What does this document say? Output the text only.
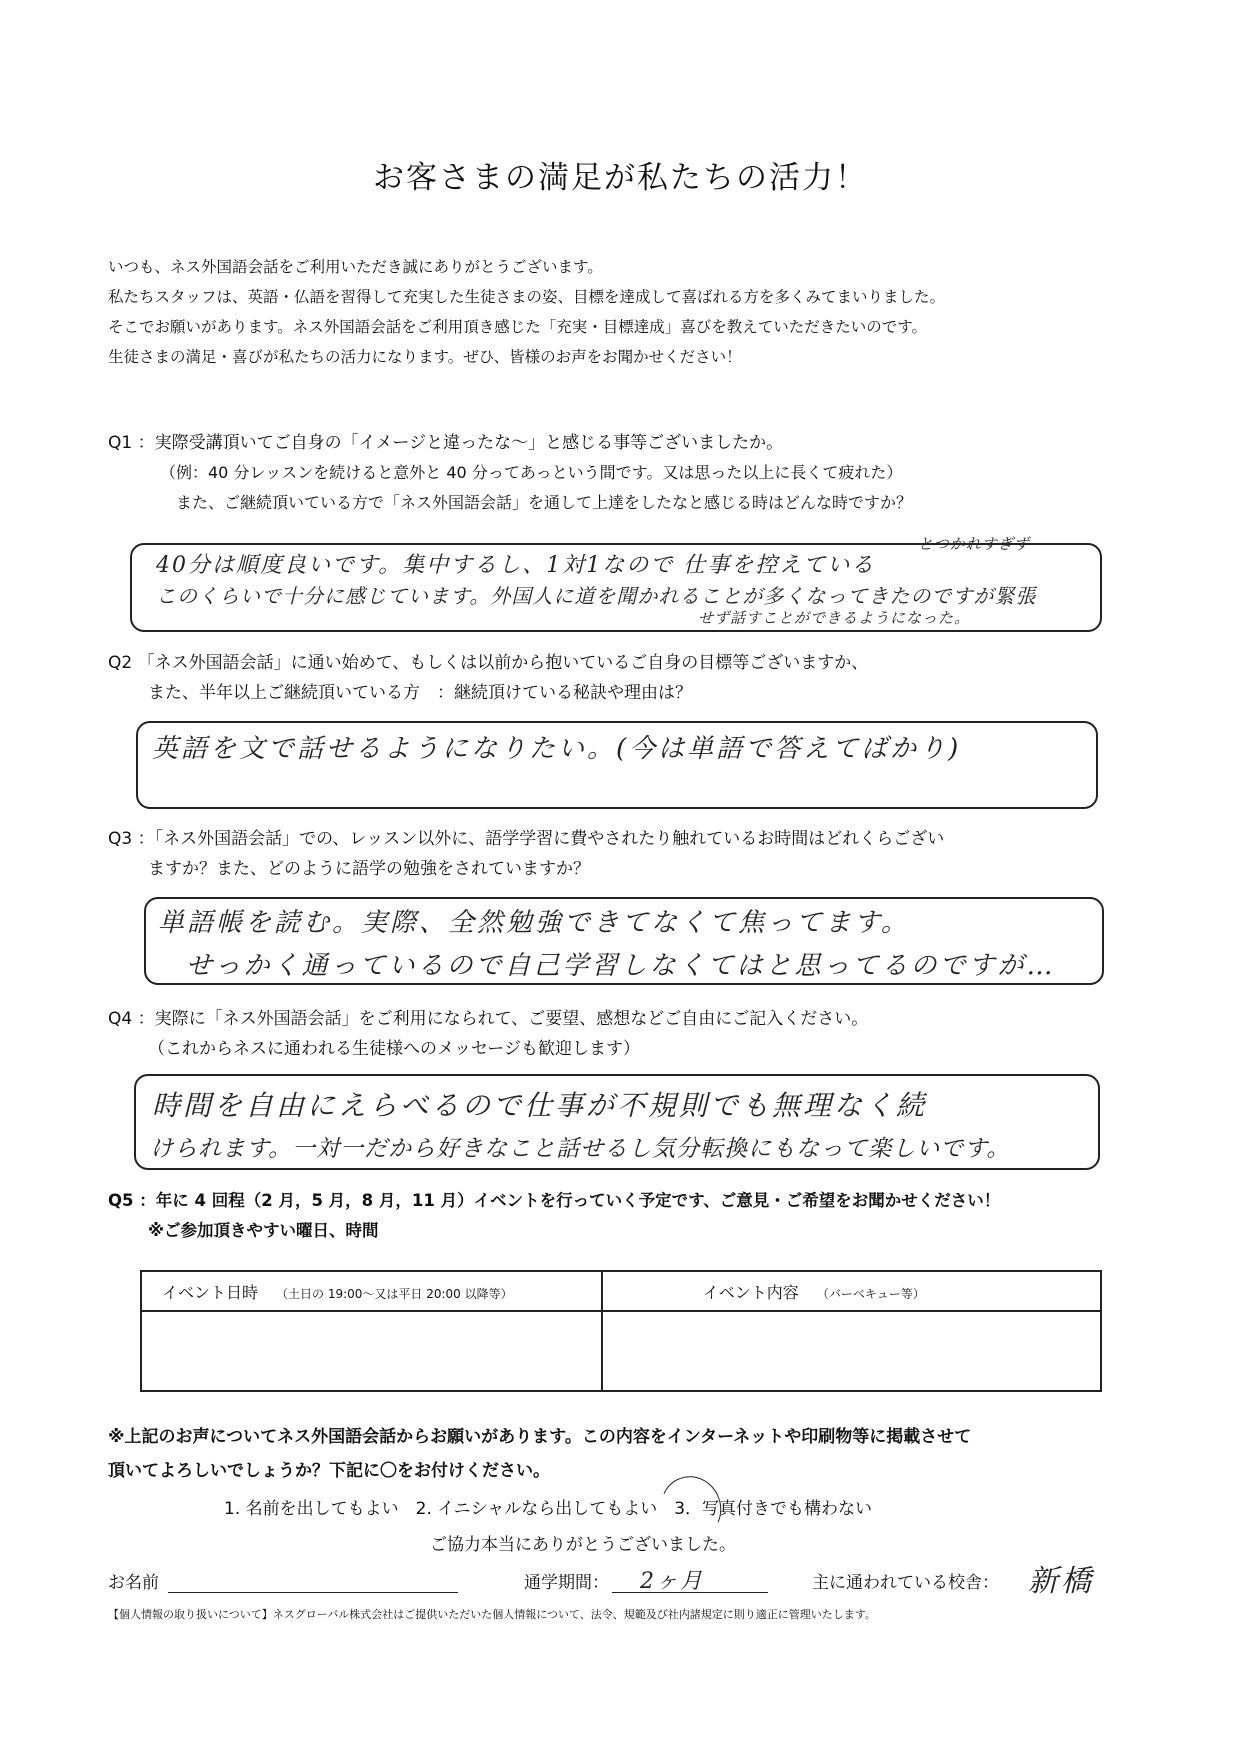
お客さまの満足が私たちの活力！
いつも、ネス外国語会話をご利用いただき誠にありがとうございます。
私たちスタッフは、英語・仏語を習得して充実した生徒さまの姿、目標を達成して喜ばれる方を多くみてまいりました。
そこでお願いがあります。ネス外国語会話をご利用頂き感じた「充実・目標達成」喜びを教えていただきたいのです。
生徒さまの満足・喜びが私たちの活力になります。ぜひ、皆様のお声をお聞かせください！
Q1 ：実際受講頂いてご自身の「イメージと違ったな～」と感じる事等ございましたか。
（例：40 分レッスンを続けると意外と 40 分ってあっという間です。又は思った以上に長くて疲れた）
また、ご継続頂いている方で「ネス外国語会話」を通して上達をしたなと感じる時はどんな時ですか？
40分は順度良いです。集中するし、1対1なので 仕事を控えている
とつかれすぎず
このくらいで十分に感じています。外国人に道を聞かれることが多くなってきたのですが緊張
せず話すことができるようになった。
Q2 「ネス外国語会話」に通い始めて、もしくは以前から抱いているご自身の目標等ございますか、
また、半年以上ご継続頂いている方　：継続頂けている秘訣や理由は？
英語を文で話せるようになりたい。(今は単語で答えてばかり)
Q3 ：「ネス外国語会話」での、レッスン以外に、語学学習に費やされたり触れているお時間はどれくらござい
ますか？また、どのように語学の勉強をされていますか？
単語帳を読む。実際、全然勉強できてなくて焦ってます。
せっかく通っているので自己学習しなくてはと思ってるのですが…
Q4 ：実際に「ネス外国語会話」をご利用になられて、ご要望、感想などご自由にご記入ください。
（これからネスに通われる生徒様へのメッセージも歓迎します）
時間を自由にえらべるので仕事が不規則でも無理なく続
けられます。一対一だから好きなこと話せるし気分転換にもなって楽しいです。
Q5 ：年に 4 回程（2 月，5 月，8 月，11 月）イベントを行っていく予定です、ご意見・ご希望をお聞かせください！
※ご参加頂きやすい曜日、時間
イベント日時 （土日の 19:00～又は平日 20:00 以降等）	イベント内容 （バーベキュー等）

※上記のお声についてネス外国語会話からお願いがあります。この内容をインターネットや印刷物等に掲載させて
頂いてよろしいでしょうか？下記に〇をお付けください。
1. 名前を出してもよい　2. イニシャルなら出してもよい　3．写真付きでも構わない
ご協力本当にありがとうございました。
お名前	通学期間： 2ヶ月	主に通われている校舎： 新橋
【個人情報の取り扱いについて】ネスグローバル株式会社はご提供いただいた個人情報について、法令、規範及び社内諸規定に則り適正に管理いたします。
